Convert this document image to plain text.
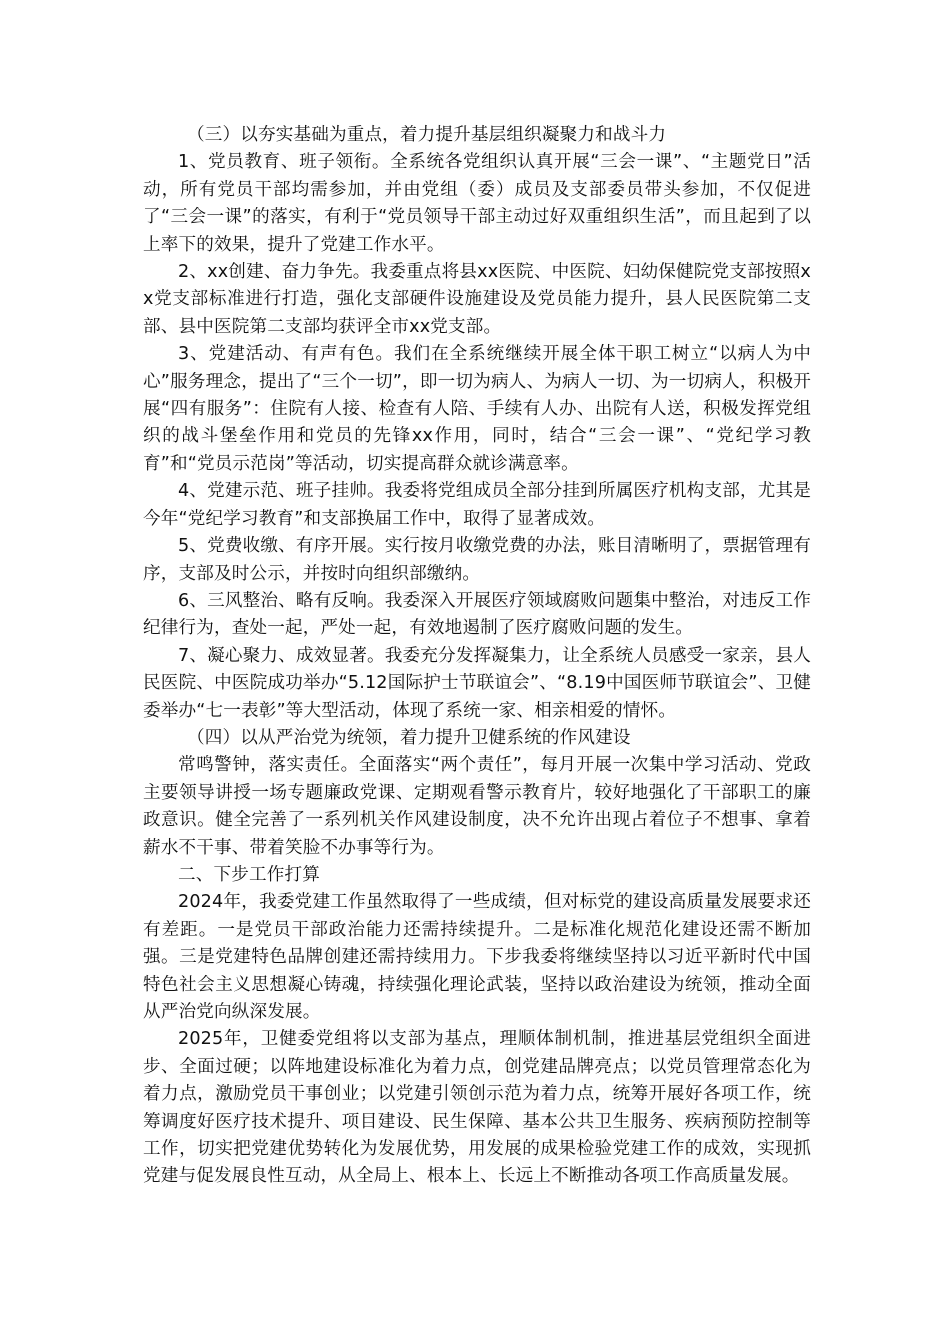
（三）以夯实基础为重点，着力提升基层组织凝聚力和战斗力

1、党员教育、班子领衔。全系统各党组织认真开展“三会一课”、“主题党日”活动，所有党员干部均需参加，并由党组（委）成员及支部委员带头参加，不仅促进了“三会一课”的落实，有利于“党员领导干部主动过好双重组织生活”，而且起到了以上率下的效果，提升了党建工作水平。

2、xx创建、奋力争先。我委重点将县xx医院、中医院、妇幼保健院党支部按照xx党支部标准进行打造，强化支部硬件设施建设及党员能力提升，县人民医院第二支部、县中医院第二支部均获评全市xx党支部。

3、党建活动、有声有色。我们在全系统继续开展全体干职工树立“以病人为中心”服务理念，提出了“三个一切”，即一切为病人、为病人一切、为一切病人，积极开展“四有服务”：住院有人接、检查有人陪、手续有人办、出院有人送，积极发挥党组织的战斗堡垒作用和党员的先锋xx作用，同时，结合“三会一课”、“党纪学习教育”和“党员示范岗”等活动，切实提高群众就诊满意率。

4、党建示范、班子挂帅。我委将党组成员全部分挂到所属医疗机构支部，尤其是今年“党纪学习教育”和支部换届工作中，取得了显著成效。

5、党费收缴、有序开展。实行按月收缴党费的办法，账目清晰明了，票据管理有序，支部及时公示，并按时向组织部缴纳。

6、三风整治、略有反响。我委深入开展医疗领域腐败问题集中整治，对违反工作纪律行为，查处一起，严处一起，有效地遏制了医疗腐败问题的发生。

7、凝心聚力、成效显著。我委充分发挥凝集力，让全系统人员感受一家亲，县人民医院、中医院成功举办“5.12国际护士节联谊会”、“8.19中国医师节联谊会”、卫健委举办“七一表彰”等大型活动，体现了系统一家、相亲相爱的情怀。

（四）以从严治党为统领，着力提升卫健系统的作风建设

常鸣警钟，落实责任。全面落实“两个责任”，每月开展一次集中学习活动、党政主要领导讲授一场专题廉政党课、定期观看警示教育片，较好地强化了干部职工的廉政意识。健全完善了一系列机关作风建设制度，决不允许出现占着位子不想事、拿着薪水不干事、带着笑脸不办事等行为。

二、下步工作打算

2024年，我委党建工作虽然取得了一些成绩，但对标党的建设高质量发展要求还有差距。一是党员干部政治能力还需持续提升。二是标准化规范化建设还需不断加强。三是党建特色品牌创建还需持续用力。下步我委将继续坚持以习近平新时代中国特色社会主义思想凝心铸魂，持续强化理论武装，坚持以政治建设为统领，推动全面从严治党向纵深发展。

2025年，卫健委党组将以支部为基点，理顺体制机制，推进基层党组织全面进步、全面过硬；以阵地建设标准化为着力点，创党建品牌亮点；以党员管理常态化为着力点，激励党员干事创业；以党建引领创示范为着力点，统筹开展好各项工作，统筹调度好医疗技术提升、项目建设、民生保障、基本公共卫生服务、疾病预防控制等工作，切实把党建优势转化为发展优势，用发展的成果检验党建工作的成效，实现抓党建与促发展良性互动，从全局上、根本上、长远上不断推动各项工作高质量发展。
